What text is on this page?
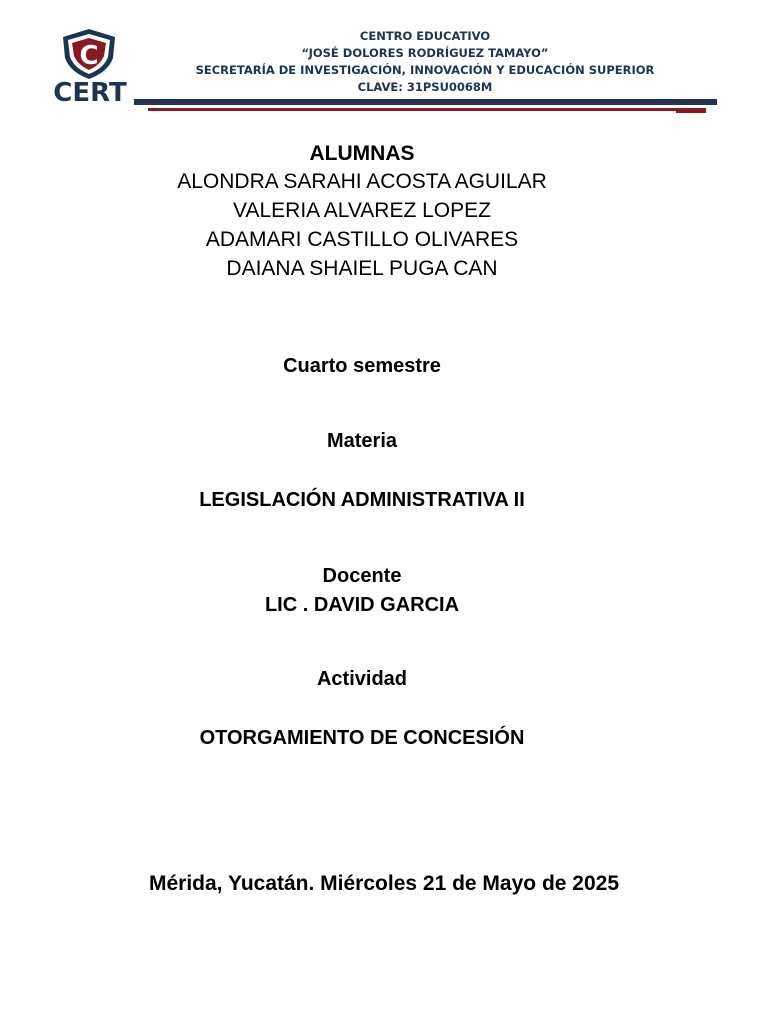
C
CERT
CENTRO EDUCATIVO
“JOSÉ DOLORES RODRÍGUEZ TAMAYO”
SECRETARÍA DE INVESTIGACIÓN, INNOVACIÓN Y EDUCACIÓN SUPERIOR
CLAVE: 31PSU0068M
ALUMNAS
ALONDRA SARAHI ACOSTA AGUILAR
VALERIA ALVAREZ LOPEZ
ADAMARI CASTILLO OLIVARES
DAIANA SHAIEL PUGA CAN
Cuarto semestre
Materia
LEGISLACIÓN ADMINISTRATIVA II
Docente
LIC . DAVID GARCIA
Actividad
OTORGAMIENTO DE CONCESIÓN
Mérida, Yucatán. Miércoles 21 de Mayo de 2025
